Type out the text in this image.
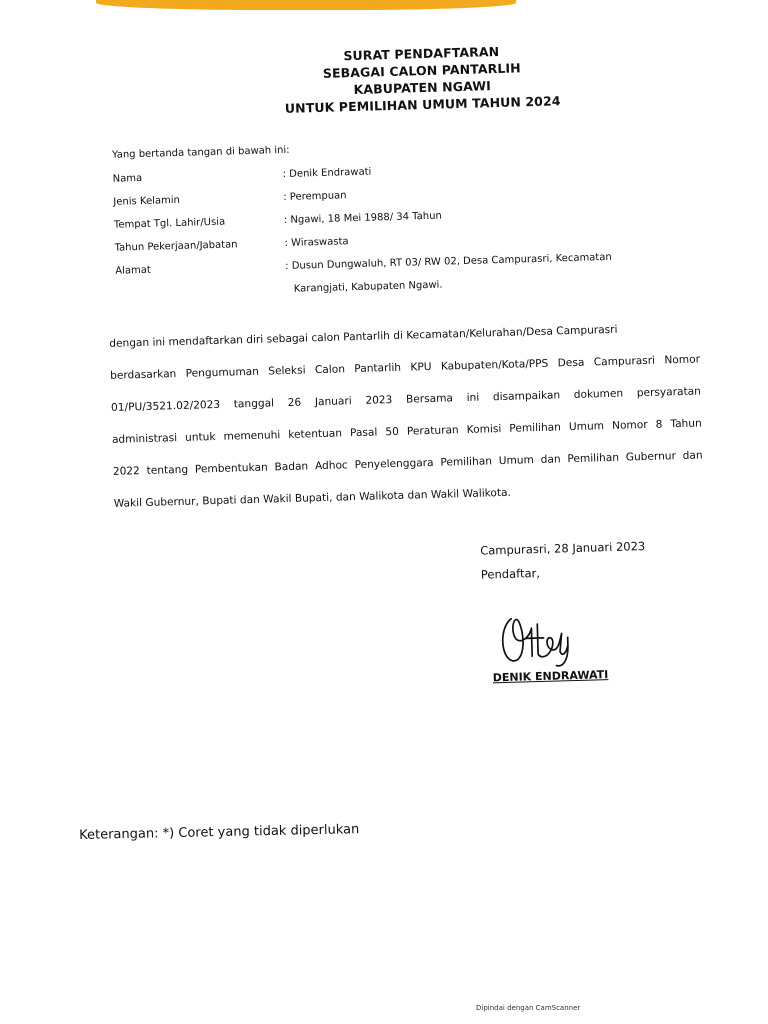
SURAT PENDAFTARAN
SEBAGAI CALON PANTARLIH
KABUPATEN NGAWI
UNTUK PEMILIHAN UMUM TAHUN 2024
Yang bertanda tangan di bawah ini:
Nama	: Denik Endrawati
Jenis Kelamin	: Perempuan
Tempat Tgl. Lahir/Usia	: Ngawi, 18 Mei 1988/ 34 Tahun
Tahun Pekerjaan/Jabatan	: Wiraswasta
Alamat	: Dusun Dungwaluh, RT 03/ RW 02, Desa Campurasri, Kecamatan
Karangjati, Kabupaten Ngawi.
dengan ini mendaftarkan diri sebagai calon Pantarlih di Kecamatan/Kelurahan/Desa Campurasri
berdasarkan Pengumuman Seleksi Calon Pantarlih KPU Kabupaten/Kota/PPS Desa Campurasri Nomor
01/PU/3521.02/2023 tanggal 26 Januari 2023 Bersama ini disampaikan dokumen persyaratan
administrasi untuk memenuhi ketentuan Pasal 50 Peraturan Komisi Pemilihan Umum Nomor 8 Tahun
2022 tentang Pembentukan Badan Adhoc Penyelenggara Pemilihan Umum dan Pemilihan Gubernur dan
Wakil Gubernur, Bupati dan Wakil Bupati, dan Walikota dan Wakil Walikota.
Campurasri, 28 Januari 2023
Pendaftar,
DENIK ENDRAWATI
Keterangan: *) Coret yang tidak diperlukan
Dipindai dengan CamScanner
